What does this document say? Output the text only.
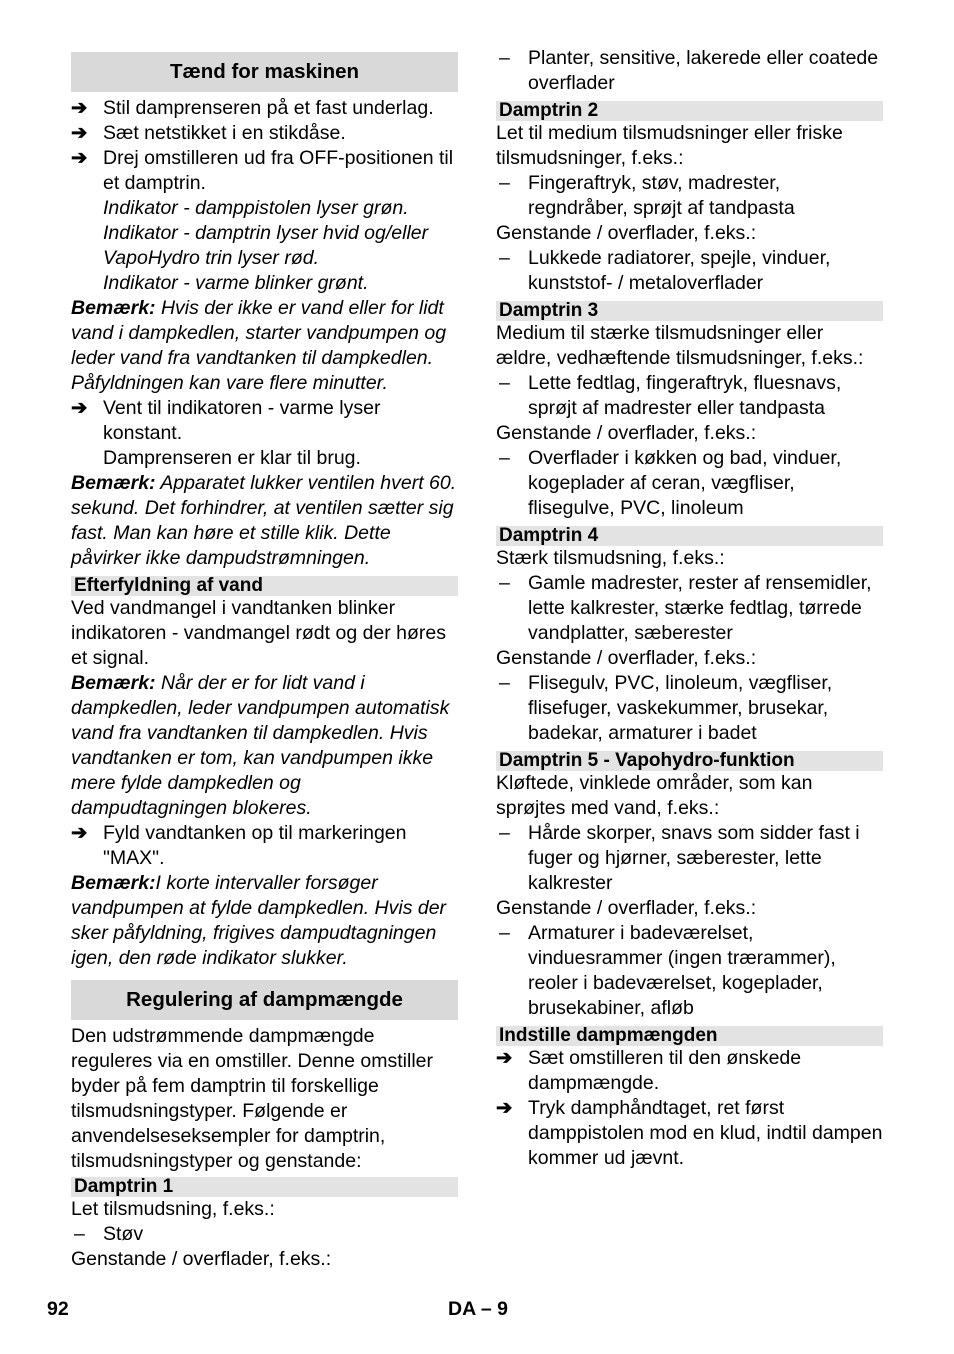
Tænd for maskinen
➔ Stil damprenseren på et fast underlag.
➔ Sæt netstikket i en stikdåse.
➔ Drej omstilleren ud fra OFF-positionen til et damptrin.
Indikator - damppistolen lyser grøn.
Indikator - damptrin lyser hvid og/eller VapoHydro trin lyser rød.
Indikator - varme blinker grønt.
Bemærk: Hvis der ikke er vand eller for lidt vand i dampkedlen, starter vandpumpen og leder vand fra vandtanken til dampkedlen. Påfyldningen kan vare flere minutter.
➔ Vent til indikatoren - varme lyser konstant.
Damprenseren er klar til brug.
Bemærk: Apparatet lukker ventilen hvert 60. sekund. Det forhindrer, at ventilen sætter sig fast. Man kan høre et stille klik. Dette påvirker ikke dampudstrømningen.
Efterfyldning af vand
Ved vandmangel i vandtanken blinker indikatoren - vandmangel rødt og der høres et signal.
Bemærk: Når der er for lidt vand i dampkedlen, leder vandpumpen automatisk vand fra vandtanken til dampkedlen. Hvis vandtanken er tom, kan vandpumpen ikke mere fylde dampkedlen og dampudtagningen blokeres.
➔ Fyld vandtanken op til markeringen "MAX".
Bemærk:I korte intervaller forsøger vandpumpen at fylde dampkedlen. Hvis der sker påfyldning, frigives dampudtagningen igen, den røde indikator slukker.
Regulering af dampmængde
Den udstrømmende dampmængde reguleres via en omstiller. Denne omstiller byder på fem damptrin til forskellige tilsmudsningstyper. Følgende er anvendelseseksempler for damptrin, tilsmudsningstyper og genstande:
Damptrin 1
Let tilsmudsning, f.eks.:
– Støv
Genstande / overflader, f.eks.:
– Planter, sensitive, lakerede eller coatede overflader
Damptrin 2
Let til medium tilsmudsninger eller friske tilsmudsninger, f.eks.:
– Fingeraftryk, støv, madrester, regndråber, sprøjt af tandpasta
Genstande / overflader, f.eks.:
– Lukkede radiatorer, spejle, vinduer, kunststof- / metaloverflader
Damptrin 3
Medium til stærke tilsmudsninger eller ældre, vedhæftende tilsmudsninger, f.eks.:
– Lette fedtlag, fingeraftryk, fluesnavs, sprøjt af madrester eller tandpasta
Genstande / overflader, f.eks.:
– Overflader i køkken og bad, vinduer, kogeplader af ceran, vægfliser, flisegulve, PVC, linoleum
Damptrin 4
Stærk tilsmudsning, f.eks.:
– Gamle madrester, rester af rensemidler, lette kalkrester, stærke fedtlag, tørrede vandplatter, sæberester
Genstande / overflader, f.eks.:
– Flisegulv, PVC, linoleum, vægfliser, flisefuger, vaskekummer, brusekar, badekar, armaturer i badet
Damptrin 5 - Vapohydro-funktion
Kløftede, vinklede områder, som kan sprøjtes med vand, f.eks.:
– Hårde skorper, snavs som sidder fast i fuger og hjørner, sæberester, lette kalkrester
Genstande / overflader, f.eks.:
– Armaturer i badeværelset, vinduesrammer (ingen trærammer), reoler i badeværelset, kogeplader, brusekabiner, afløb
Indstille dampmængden
➔ Sæt omstilleren til den ønskede dampmængde.
➔ Tryk damphåndtaget, ret først damppistolen mod en klud, indtil dampen kommer ud jævnt.
92	DA – 9
